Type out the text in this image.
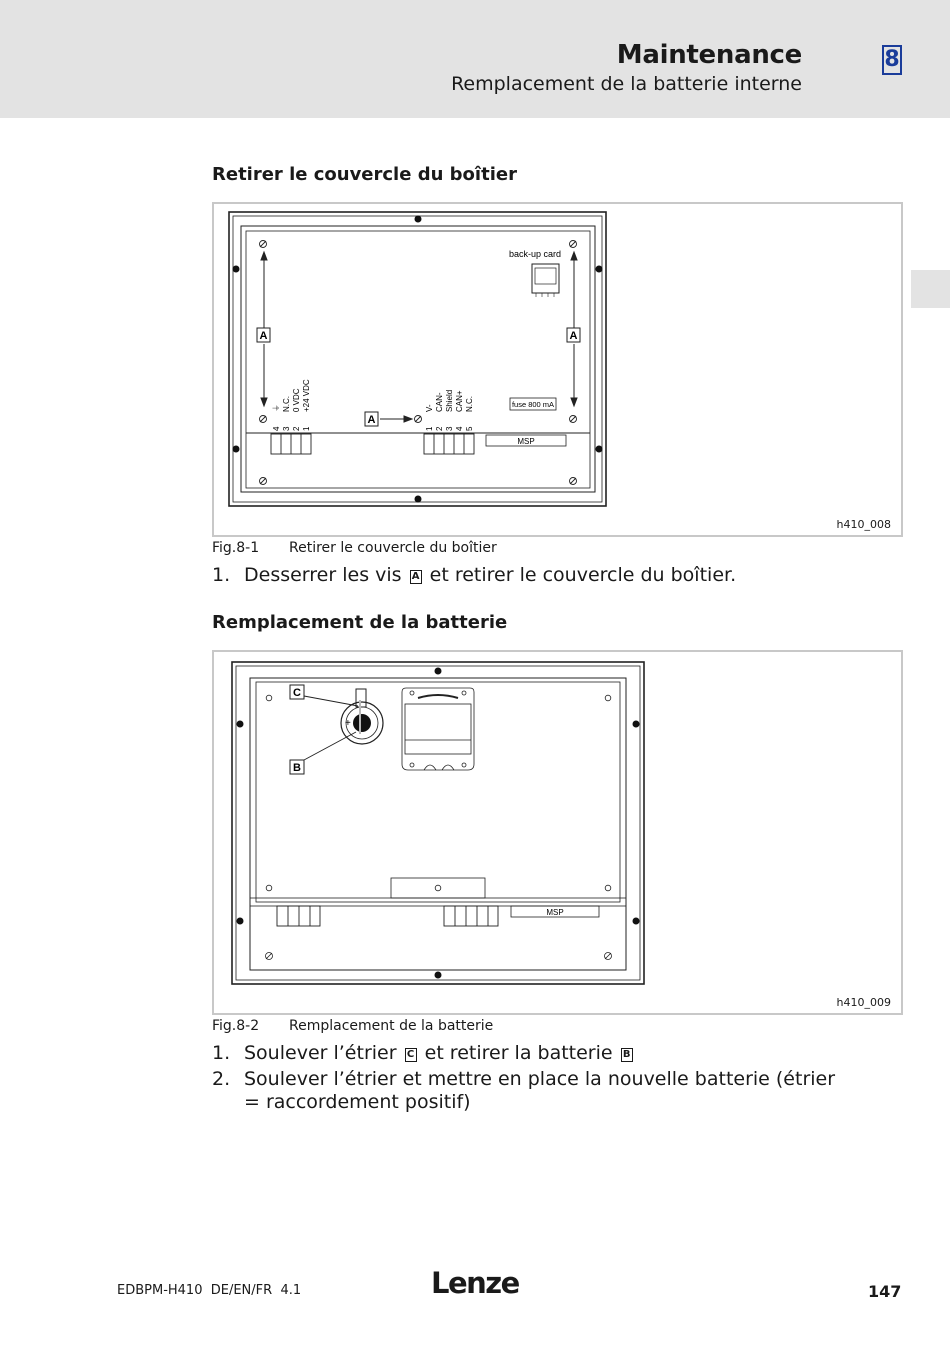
Maintenance
Remplacement de la batterie interne
8
Retirer le couvercle du boîtier
A	A
A
back-up card
fuse 800 mA
MSP
4 3 2 1
⏚ N.C. 0 VDC +24 VDC
1 2 3 4 5
V- CAN- Shield CAN+ N.C.
h410_008
Fig.8-1 Retirer le couvercle du boîtier
1. Desserrer les vis A et retirer le couvercle du boîtier.
Remplacement de la batterie
+
C
B
MSP
h410_009
Fig.8-2 Remplacement de la batterie
1. Soulever l’étrier C et retirer la batterie B
2. Soulever l’étrier et mettre en place la nouvelle batterie (étrier = raccordement positif)
EDBPM-H410  DE/EN/FR  4.1	Lenze	147
